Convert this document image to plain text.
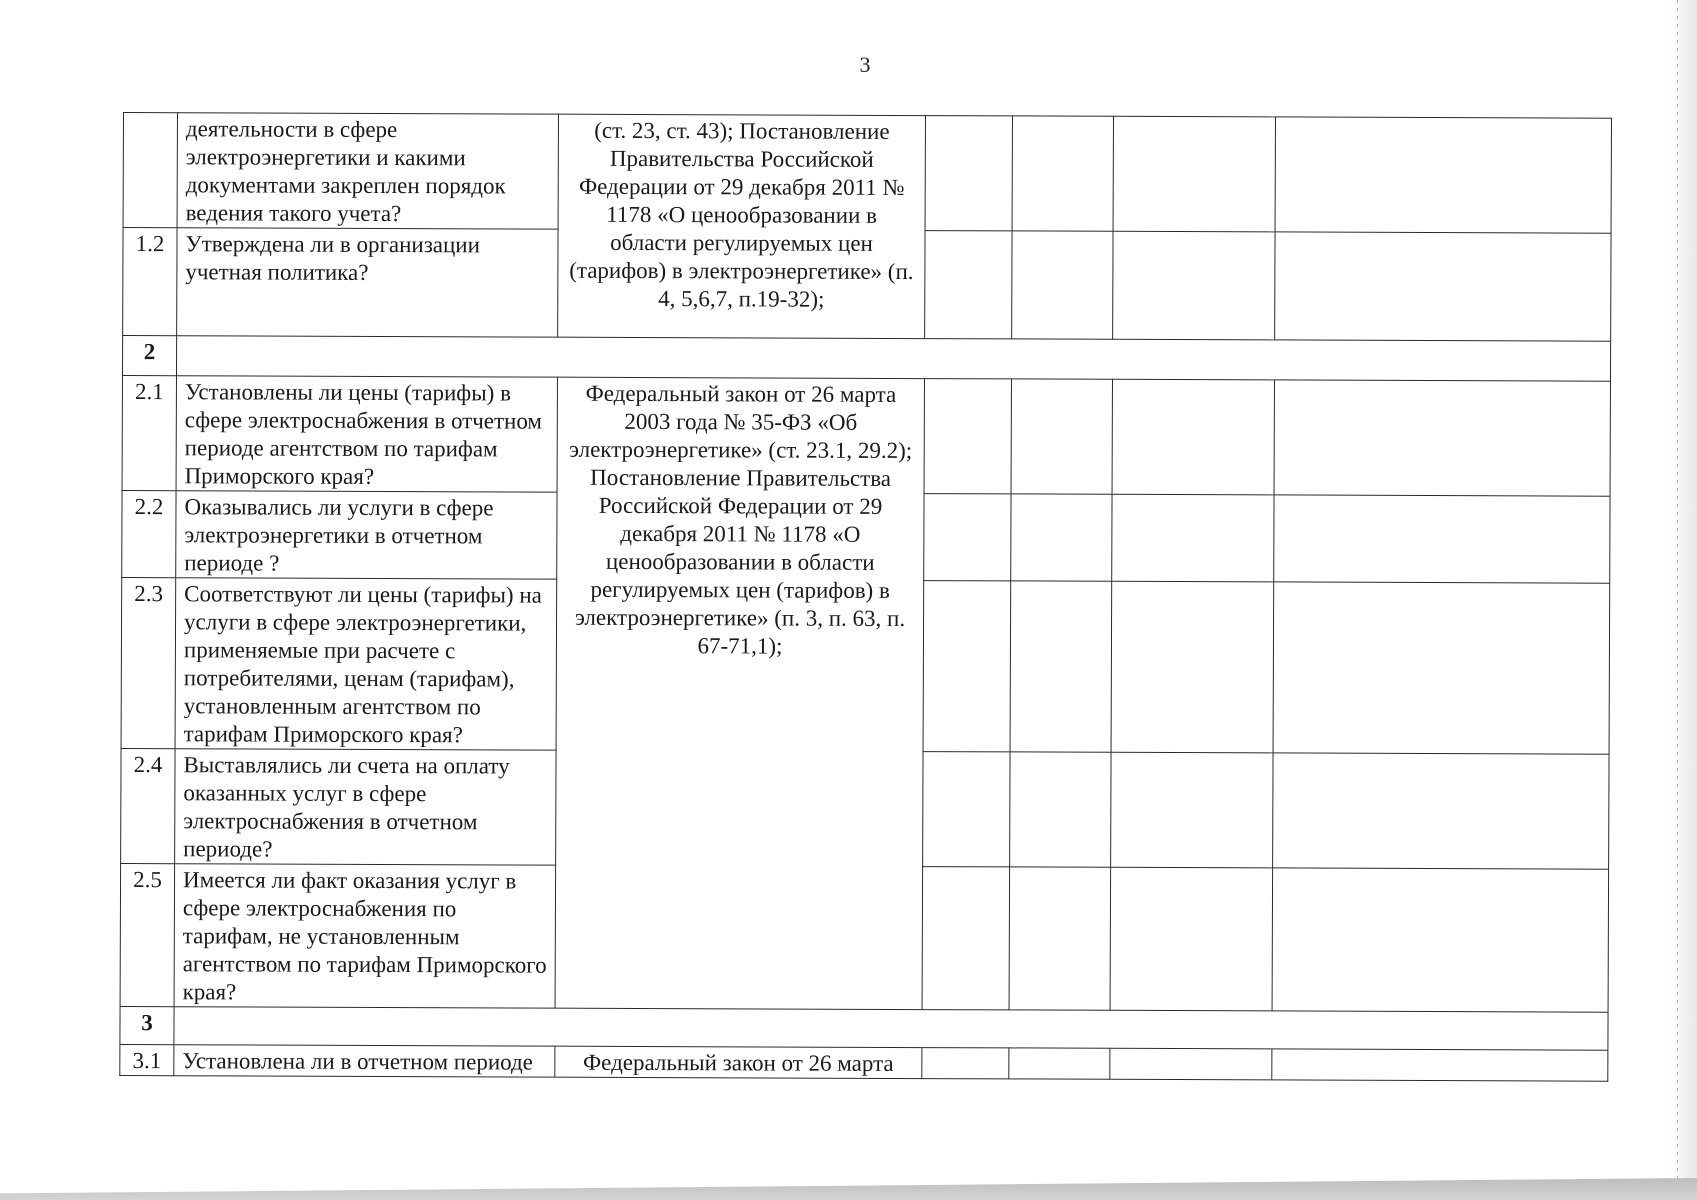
3
	деятельности в сфере электроэнергетики и какими документами закреплен порядок ведения такого учета?	(ст. 23, ст. 43); Постановление Правительства Российской Федерации от 29 декабря 2011 № 1178 «О ценообразовании в области регулируемых цен (тарифов) в электроэнергетике» (п. 4, 5,6,7, п.19-32);				
1.2	Утверждена ли в организации учетная политика?					
2						
2.1	Установлены ли цены (тарифы) в сфере электроснабжения в отчетном периоде агентством по тарифам Приморского края?	Федеральный закон от 26 марта 2003 года № 35-ФЗ «Об электроэнергетике» (ст. 23.1, 29.2); Постановление Правительства Российской Федерации от 29 декабря 2011 № 1178 «О ценообразовании в области регулируемых цен (тарифов) в электроэнергетике» (п. 3, п. 63, п. 67-71,1);				
2.2	Оказывались ли услуги в сфере электроэнергетики в отчетном периоде ?					
2.3	Соответствуют ли цены (тарифы) на услуги в сфере электроэнергетики, применяемые при расчете с потребителями, ценам (тарифам), установленным агентством по тарифам Приморского края?					
2.4	Выставлялись ли счета на оплату оказанных услуг в сфере электроснабжения в отчетном периоде?					
2.5	Имеется ли факт оказания услуг в сфере электроснабжения по тарифам, не установленным агентством по тарифам Приморского края?					
3						
3.1	Установлена ли в отчетном периоде	Федеральный закон от 26 марта				
